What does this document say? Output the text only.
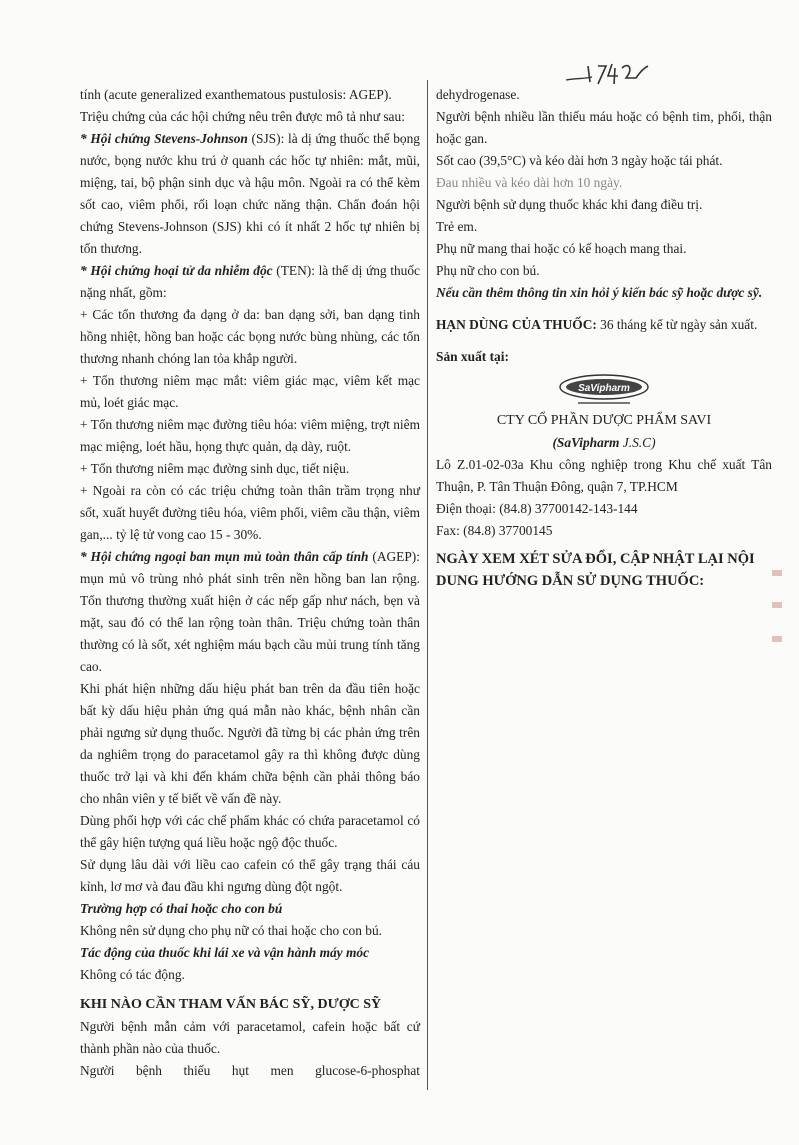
tính (acute generalized exanthematous pustulosis: AGEP).

Triệu chứng của các hội chứng nêu trên được mô tả như sau:

* Hội chứng Stevens-Johnson (SJS): là dị ứng thuốc thể bọng nước, bọng nước khu trú ở quanh các hốc tự nhiên: mắt, mũi, miệng, tai, bộ phận sinh dục và hậu môn. Ngoài ra có thể kèm sốt cao, viêm phổi, rối loạn chức năng thận. Chẩn đoán hội chứng Stevens-Johnson (SJS) khi có ít nhất 2 hốc tự nhiên bị tổn thương.

* Hội chứng hoại tử da nhiễm độc (TEN): là thể dị ứng thuốc nặng nhất, gồm:

+ Các tổn thương đa dạng ở da: ban dạng sởi, ban dạng tinh hồng nhiệt, hồng ban hoặc các bọng nước bùng nhùng, các tổn thương nhanh chóng lan tỏa khắp người.

+ Tổn thương niêm mạc mắt: viêm giác mạc, viêm kết mạc mủ, loét giác mạc.

+ Tổn thương niêm mạc đường tiêu hóa: viêm miệng, trợt niêm mạc miệng, loét hầu, họng thực quản, dạ dày, ruột.

+ Tổn thương niêm mạc đường sinh dục, tiết niệu.

+ Ngoài ra còn có các triệu chứng toàn thân trầm trọng như sốt, xuất huyết đường tiêu hóa, viêm phổi, viêm cầu thận, viêm gan,... tỷ lệ tử vong cao 15 - 30%.

* Hội chứng ngoại ban mụn mủ toàn thân cấp tính (AGEP): mụn mủ vô trùng nhỏ phát sinh trên nền hồng ban lan rộng. Tổn thương thường xuất hiện ở các nếp gấp như nách, bẹn và mặt, sau đó có thể lan rộng toàn thân. Triệu chứng toàn thân thường có là sốt, xét nghiệm máu bạch cầu mủi trung tính tăng cao.

Khi phát hiện những dấu hiệu phát ban trên da đầu tiên hoặc bất kỳ dấu hiệu phản ứng quá mẫn nào khác, bệnh nhân cần phải ngưng sử dụng thuốc. Người đã từng bị các phản ứng trên da nghiêm trọng do paracetamol gây ra thì không được dùng thuốc trở lại và khi đến khám chữa bệnh cần phải thông báo cho nhân viên y tế biết về vấn đề này.

Dùng phối hợp với các chế phẩm khác có chứa paracetamol có thể gây hiện tượng quá liều hoặc ngộ độc thuốc.

Sử dụng lâu dài với liều cao cafein có thể gây trạng thái cáu kỉnh, lơ mơ và đau đầu khi ngưng dùng đột ngột.

Trường hợp có thai hoặc cho con bú

Không nên sử dụng cho phụ nữ có thai hoặc cho con bú.

Tác động của thuốc khi lái xe và vận hành máy móc

Không có tác động.

KHI NÀO CẦN THAM VẤN BÁC SỸ, DƯỢC SỸ

Người bệnh mẫn cảm với paracetamol, cafein hoặc bất cứ thành phần nào của thuốc.

Người bệnh thiếu hụt men glucose-6-phosphat

dehydrogenase.

Người bệnh nhiều lần thiếu máu hoặc có bệnh tim, phổi, thận hoặc gan.

Sốt cao (39,5°C) và kéo dài hơn 3 ngày hoặc tái phát.

Đau nhiều và kéo dài hơn 10 ngày.

Người bệnh sử dụng thuốc khác khi đang điều trị.

Trẻ em.

Phụ nữ mang thai hoặc có kế hoạch mang thai.

Phụ nữ cho con bú.

Nếu cần thêm thông tin xin hỏi ý kiến bác sỹ hoặc dược sỹ.

HẠN DÙNG CỦA THUỐC: 36 tháng kể từ ngày sản xuất.

Sản xuất tại:

SaVipharm

CTY CỔ PHẦN DƯỢC PHẨM SAVI

(SaVipharm J.S.C)

Lô Z.01-02-03a Khu công nghiệp trong Khu chế xuất Tân Thuận, P. Tân Thuận Đông, quận 7, TP.HCM

Điện thoại: (84.8) 37700142-143-144

Fax: (84.8) 37700145

NGÀY XEM XÉT SỬA ĐỔI, CẬP NHẬT LẠI NỘI DUNG HƯỚNG DẪN SỬ DỤNG THUỐC:
